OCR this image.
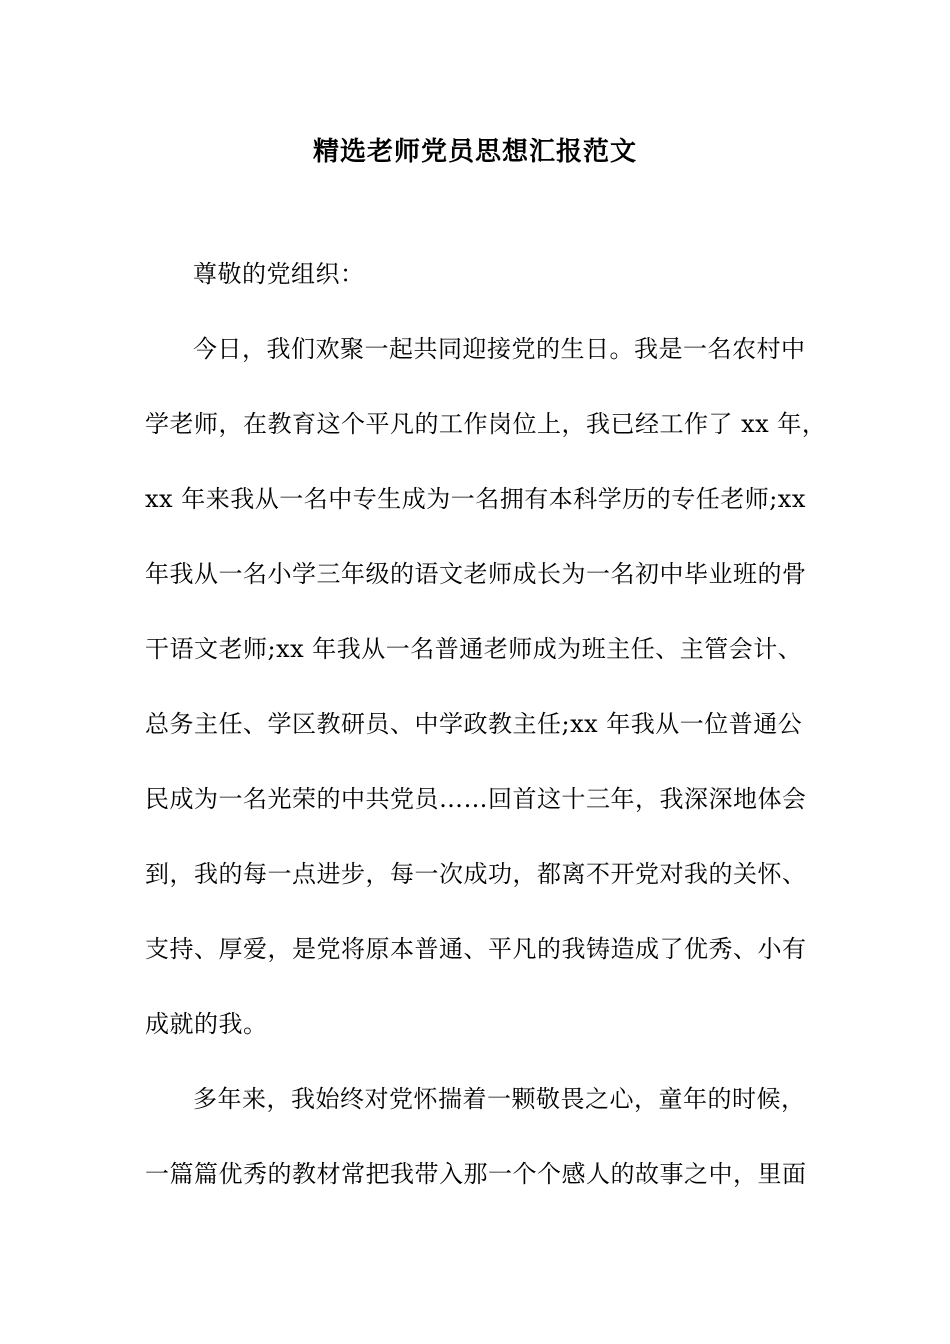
精选老师党员思想汇报范文
尊敬的党组织：
今日，我们欢聚一起共同迎接党的生日。我是一名农村中
学老师，在教育这个平凡的工作岗位上，我已经工作了 xx 年，
xx 年来我从一名中专生成为一名拥有本科学历的专任老师;xx
年我从一名小学三年级的语文老师成长为一名初中毕业班的骨
干语文老师;xx 年我从一名普通老师成为班主任、主管会计、
总务主任、学区教研员、中学政教主任;xx 年我从一位普通公
民成为一名光荣的中共党员……回首这十三年，我深深地体会
到，我的每一点进步，每一次成功，都离不开党对我的关怀、
支持、厚爱，是党将原本普通、平凡的我铸造成了优秀、小有
成就的我。
多年来，我始终对党怀揣着一颗敬畏之心，童年的时候，
一篇篇优秀的教材常把我带入那一个个感人的故事之中，里面
